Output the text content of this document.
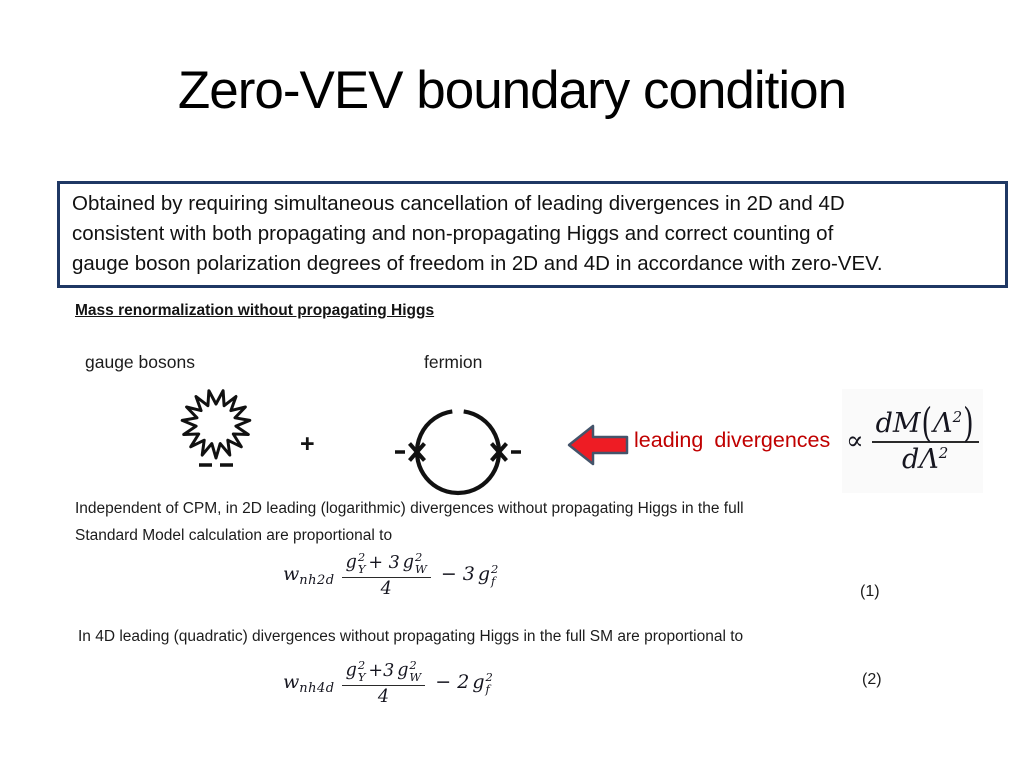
Zero-VEV boundary condition
Obtained by requiring simultaneous cancellation of leading divergences in 2D and 4D
consistent with both propagating and non-propagating Higgs and correct counting of
gauge boson polarization degrees of freedom in 2D and 4D in accordance with zero-VEV.
Mass renormalization without propagating Higgs
gauge bosons	fermion
+	leading divergences ∝ $\frac{dM(\Lambda^2)}{d\Lambda^2}$
Independent of CPM, in 2D leading (logarithmic) divergences without propagating Higgs in the full
Standard Model calculation are proportional to
$w_{nh2d}$ g 2
Y + 3 g 2
W
4 − 3 g 2
f
(1)
In 4D leading (quadratic) divergences without propagating Higgs in the full SM are proportional to
$w_{nh4d}$ g 2
Y +3 g 2
W
4 − 2 g 2
f
(2)
